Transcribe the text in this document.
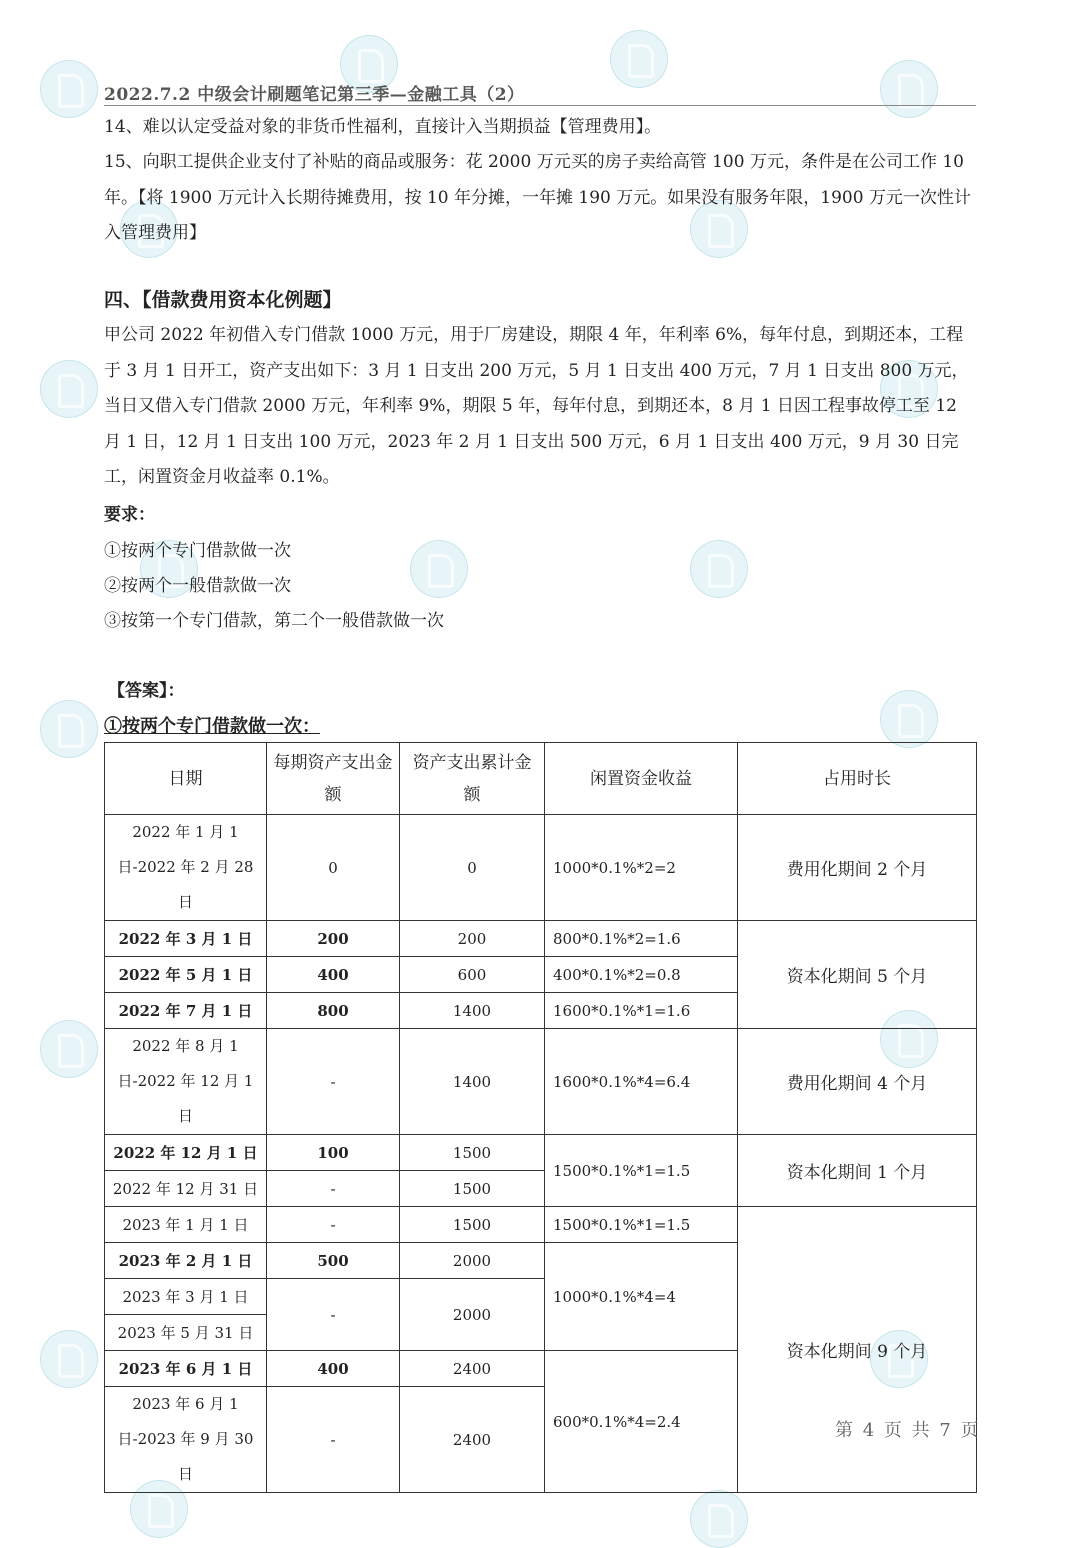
2022.7.2 中级会计刷题笔记第三季—金融工具（2）
14、难以认定受益对象的非货币性福利，直接计入当期损益【管理费用】。
15、向职工提供企业支付了补贴的商品或服务：花 2000 万元买的房子卖给高管 100 万元，条件是在公司工作 10 年。【将 1900 万元计入长期待摊费用，按 10 年分摊，一年摊 190 万元。如果没有服务年限，1900 万元一次性计入管理费用】
四、【借款费用资本化例题】
甲公司 2022 年初借入专门借款 1000 万元，用于厂房建设，期限 4 年，年利率 6%，每年付息，到期还本，工程于 3 月 1 日开工，资产支出如下：3 月 1 日支出 200 万元，5 月 1 日支出 400 万元，7 月 1 日支出 800 万元，当日又借入专门借款 2000 万元，年利率 9%，期限 5 年，每年付息，到期还本，8 月 1 日因工程事故停工至 12 月 1 日，12 月 1 日支出 100 万元，2023 年 2 月 1 日支出 500 万元，6 月 1 日支出 400 万元，9 月 30 日完工，闲置资金月收益率 0.1%。
要求：
①按两个专门借款做一次
②按两个一般借款做一次
③按第一个专门借款，第二个一般借款做一次
【答案】：
①按两个专门借款做一次：
日期	每期资产支出金额	资产支出累计金额	闲置资金收益	占用时长
2022 年 1 月 1 日-2022 年 2 月 28 日	0	0	1000*0.1%*2=2	费用化期间 2 个月
2022 年 3 月 1 日	200	200	800*0.1%*2=1.6	资本化期间 5 个月
2022 年 5 月 1 日	400	600	400*0.1%*2=0.8	
2022 年 7 月 1 日	800	1400	1600*0.1%*1=1.6	
2022 年 8 月 1 日-2022 年 12 月 1 日	-	1400	1600*0.1%*4=6.4	费用化期间 4 个月
2022 年 12 月 1 日	100	1500	1500*0.1%*1=1.5	资本化期间 1 个月
2022 年 12 月 31 日	-	1500		
2023 年 1 月 1 日	-	1500	1500*0.1%*1=1.5	资本化期间 9 个月
2023 年 2 月 1 日	500	2000	1000*0.1%*4=4	
2023 年 3 月 1 日	-	2000		
2023 年 5 月 31 日				
2023 年 6 月 1 日	400	2400	600*0.1%*4=2.4	
2023 年 6 月 1 日-2023 年 9 月 30 日	-	2400			第 4 页 共 7 页
